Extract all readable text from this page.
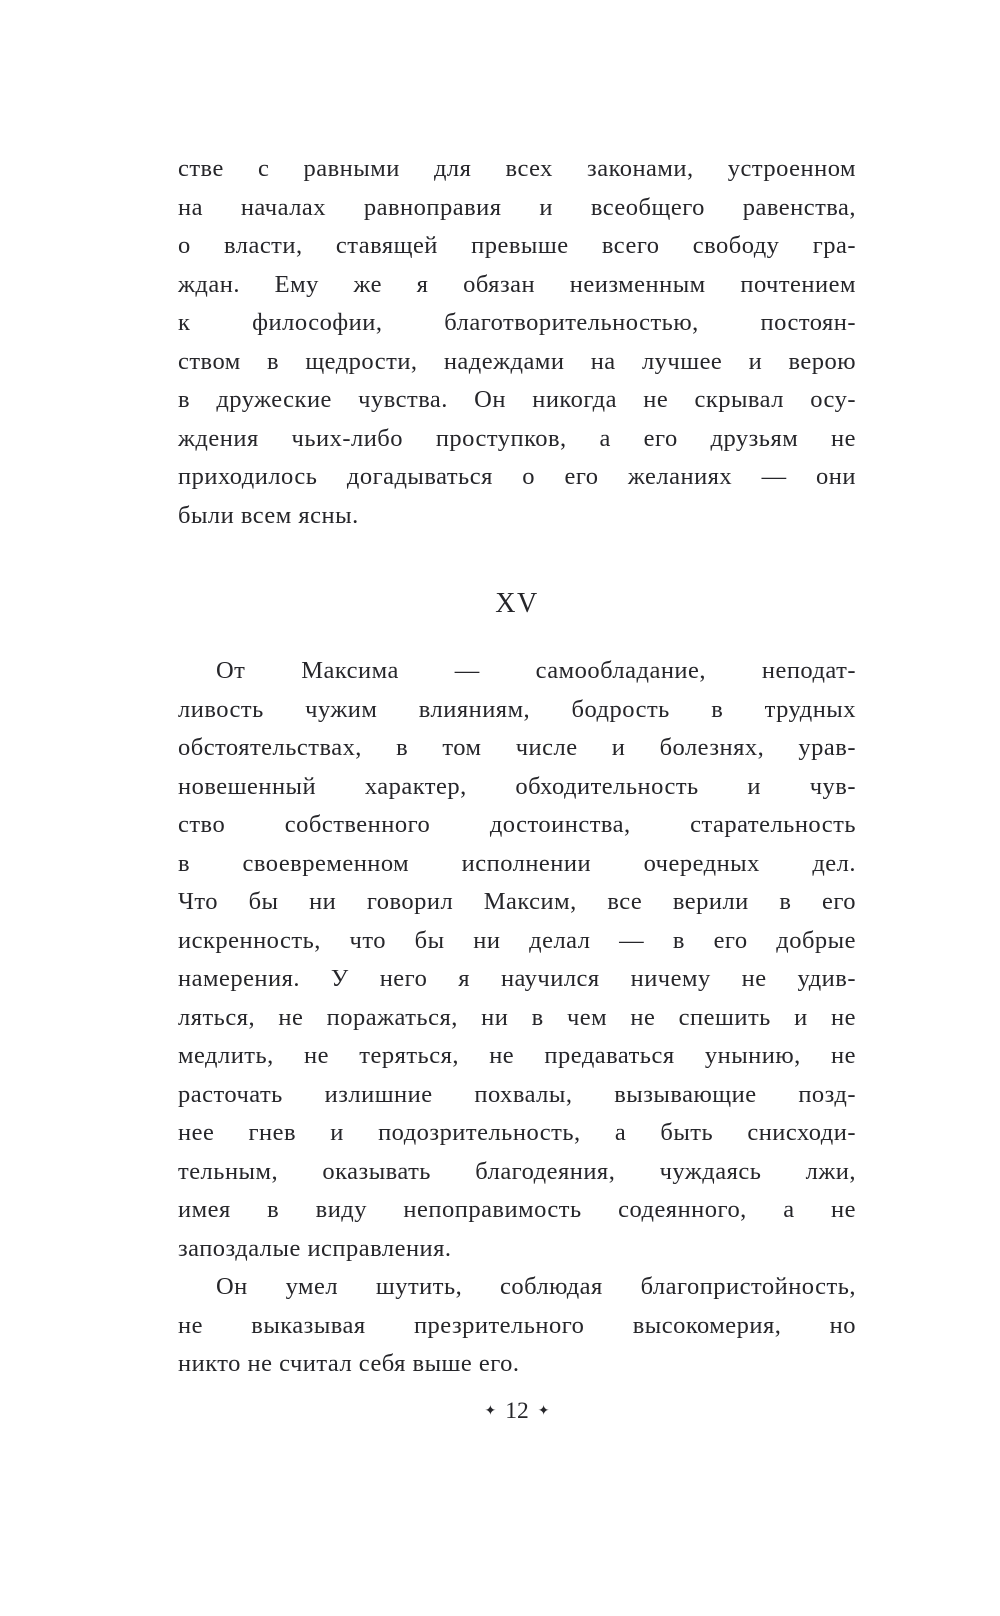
стве с равными для всех законами, устроенном
на началах равноправия и всеобщего равенства,
о власти, ставящей превыше всего свободу гра-
ждан. Ему же я обязан неизменным почтением
к философии, благотворительностью, постоян-
ством в щедрости, надеждами на лучшее и верою
в дружеские чувства. Он никогда не скрывал осу-
ждения чьих-либо проступков, а его друзьям не
приходилось догадываться о его желаниях — они
были всем ясны.
XV
От Максима — самообладание, неподат-
ливость чужим влияниям, бодрость в трудных
обстоятельствах, в том числе и болезнях, урав-
новешенный характер, обходительность и чув-
ство собственного достоинства, старательность
в своевременном исполнении очередных дел.
Что бы ни говорил Максим, все верили в его
искренность, что бы ни делал — в его добрые
намерения. У него я научился ничему не удив-
ляться, не поражаться, ни в чем не спешить и не
медлить, не теряться, не предаваться унынию, не
расточать излишние похвалы, вызывающие позд-
нее гнев и подозрительность, а быть снисходи-
тельным, оказывать благодеяния, чуждаясь лжи,
имея в виду непоправимость содеянного, а не
запоздалые исправления.
Он умел шутить, соблюдая благопристойность,
не выказывая презрительного высокомерия, но
никто не считал себя выше его.
✦ 12 ✦
